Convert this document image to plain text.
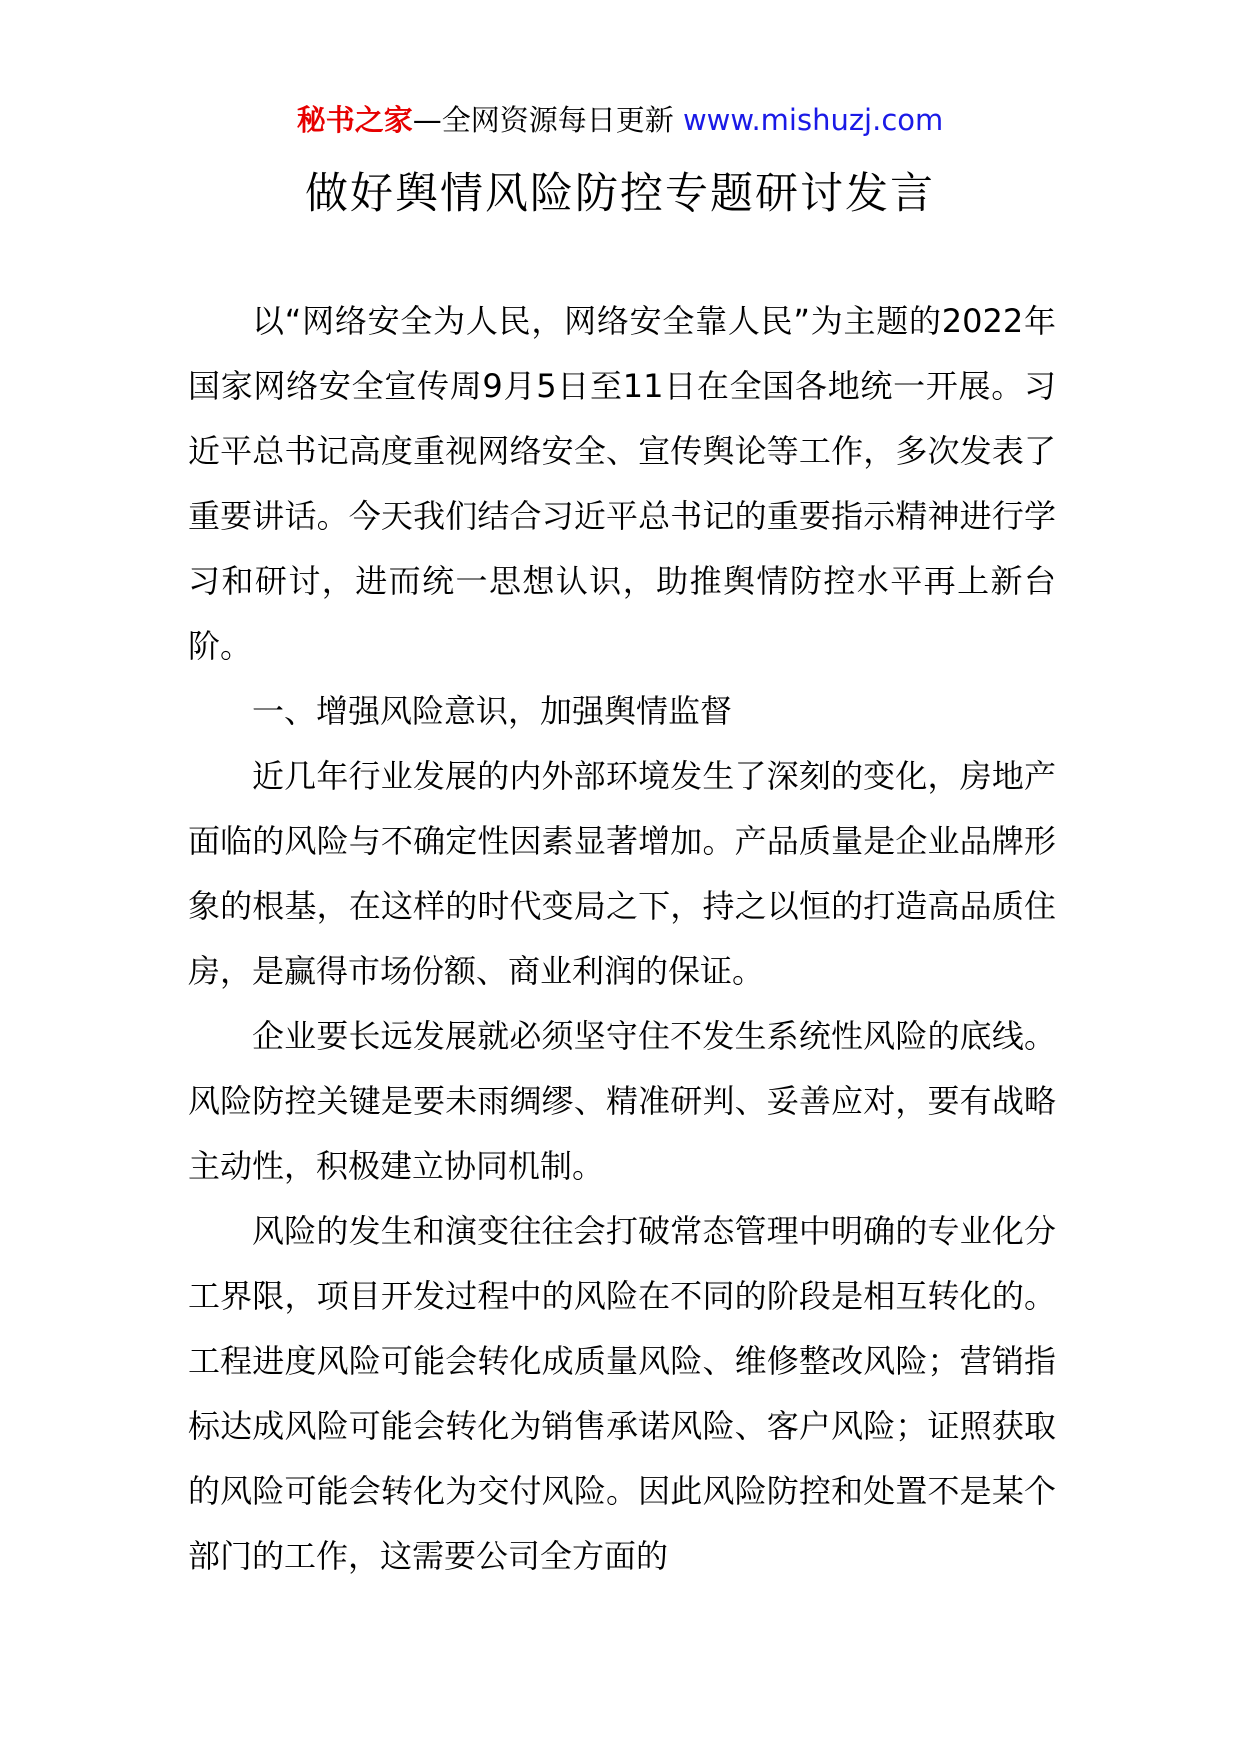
秘书之家—全网资源每日更新 www.mishuzj.com
做好舆情风险防控专题研讨发言

以“网络安全为人民，网络安全靠人民”为主题的2022年国家网络安全宣传周9月5日至11日在全国各地统一开展。习近平总书记高度重视网络安全、宣传舆论等工作，多次发表了重要讲话。今天我们结合习近平总书记的重要指示精神进行学习和研讨，进而统一思想认识，助推舆情防控水平再上新台阶。

一、增强风险意识，加强舆情监督

近几年行业发展的内外部环境发生了深刻的变化，房地产面临的风险与不确定性因素显著增加。产品质量是企业品牌形象的根基，在这样的时代变局之下，持之以恒的打造高品质住房，是赢得市场份额、商业利润的保证。

企业要长远发展就必须坚守住不发生系统性风险的底线。风险防控关键是要未雨绸缪、精准研判、妥善应对，要有战略主动性，积极建立协同机制。

风险的发生和演变往往会打破常态管理中明确的专业化分工界限，项目开发过程中的风险在不同的阶段是相互转化的。工程进度风险可能会转化成质量风险、维修整改风险；营销指标达成风险可能会转化为销售承诺风险、客户风险；证照获取的风险可能会转化为交付风险。因此风险防控和处置不是某个部门的工作，这需要公司全方面的
